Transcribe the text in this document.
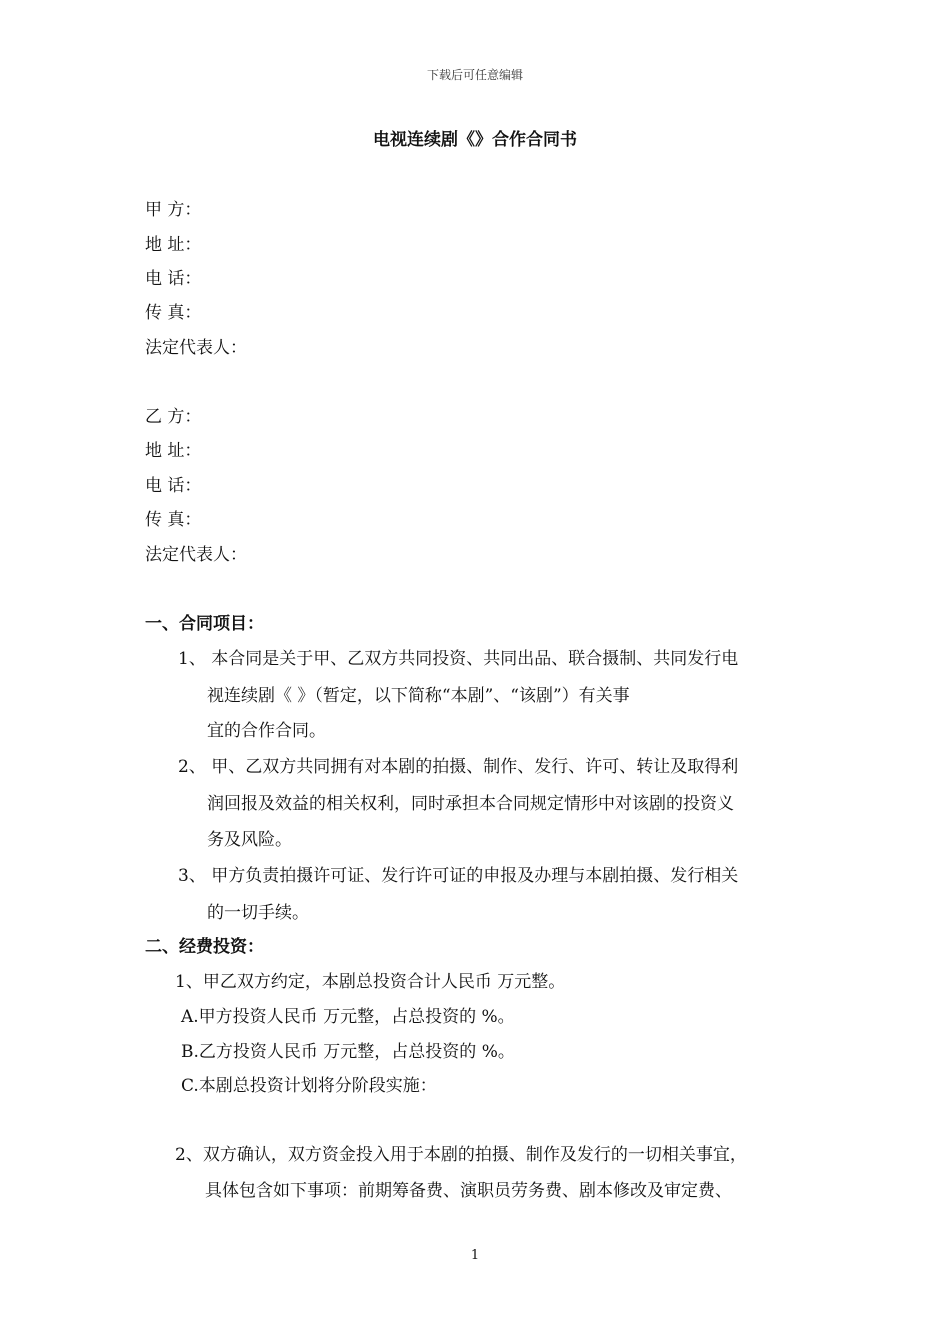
下载后可任意编辑
电视连续剧《》合作合同书
甲 方：
地 址：
电 话：
传 真：
法定代表人：
乙 方：
地 址：
电 话：
传 真：
法定代表人：
一、合同项目：
1、 本合同是关于甲、乙双方共同投资、共同出品、联合摄制、共同发行电
视连续剧《 》（暂定，以下简称“本剧”、“该剧”）有关事
宜的合作合同。
2、 甲、乙双方共同拥有对本剧的拍摄、制作、发行、许可、转让及取得利
润回报及效益的相关权利，同时承担本合同规定情形中对该剧的投资义
务及风险。
3、 甲方负责拍摄许可证、发行许可证的申报及办理与本剧拍摄、发行相关
的一切手续。
二、经费投资：
1、甲乙双方约定，本剧总投资合计人民币 万元整。
A.甲方投资人民币 万元整，占总投资的 %。
B.乙方投资人民币 万元整，占总投资的 %。
C.本剧总投资计划将分阶段实施：
2、双方确认，双方资金投入用于本剧的拍摄、制作及发行的一切相关事宜，
具体包含如下事项：前期筹备费、演职员劳务费、剧本修改及审定费、
1
